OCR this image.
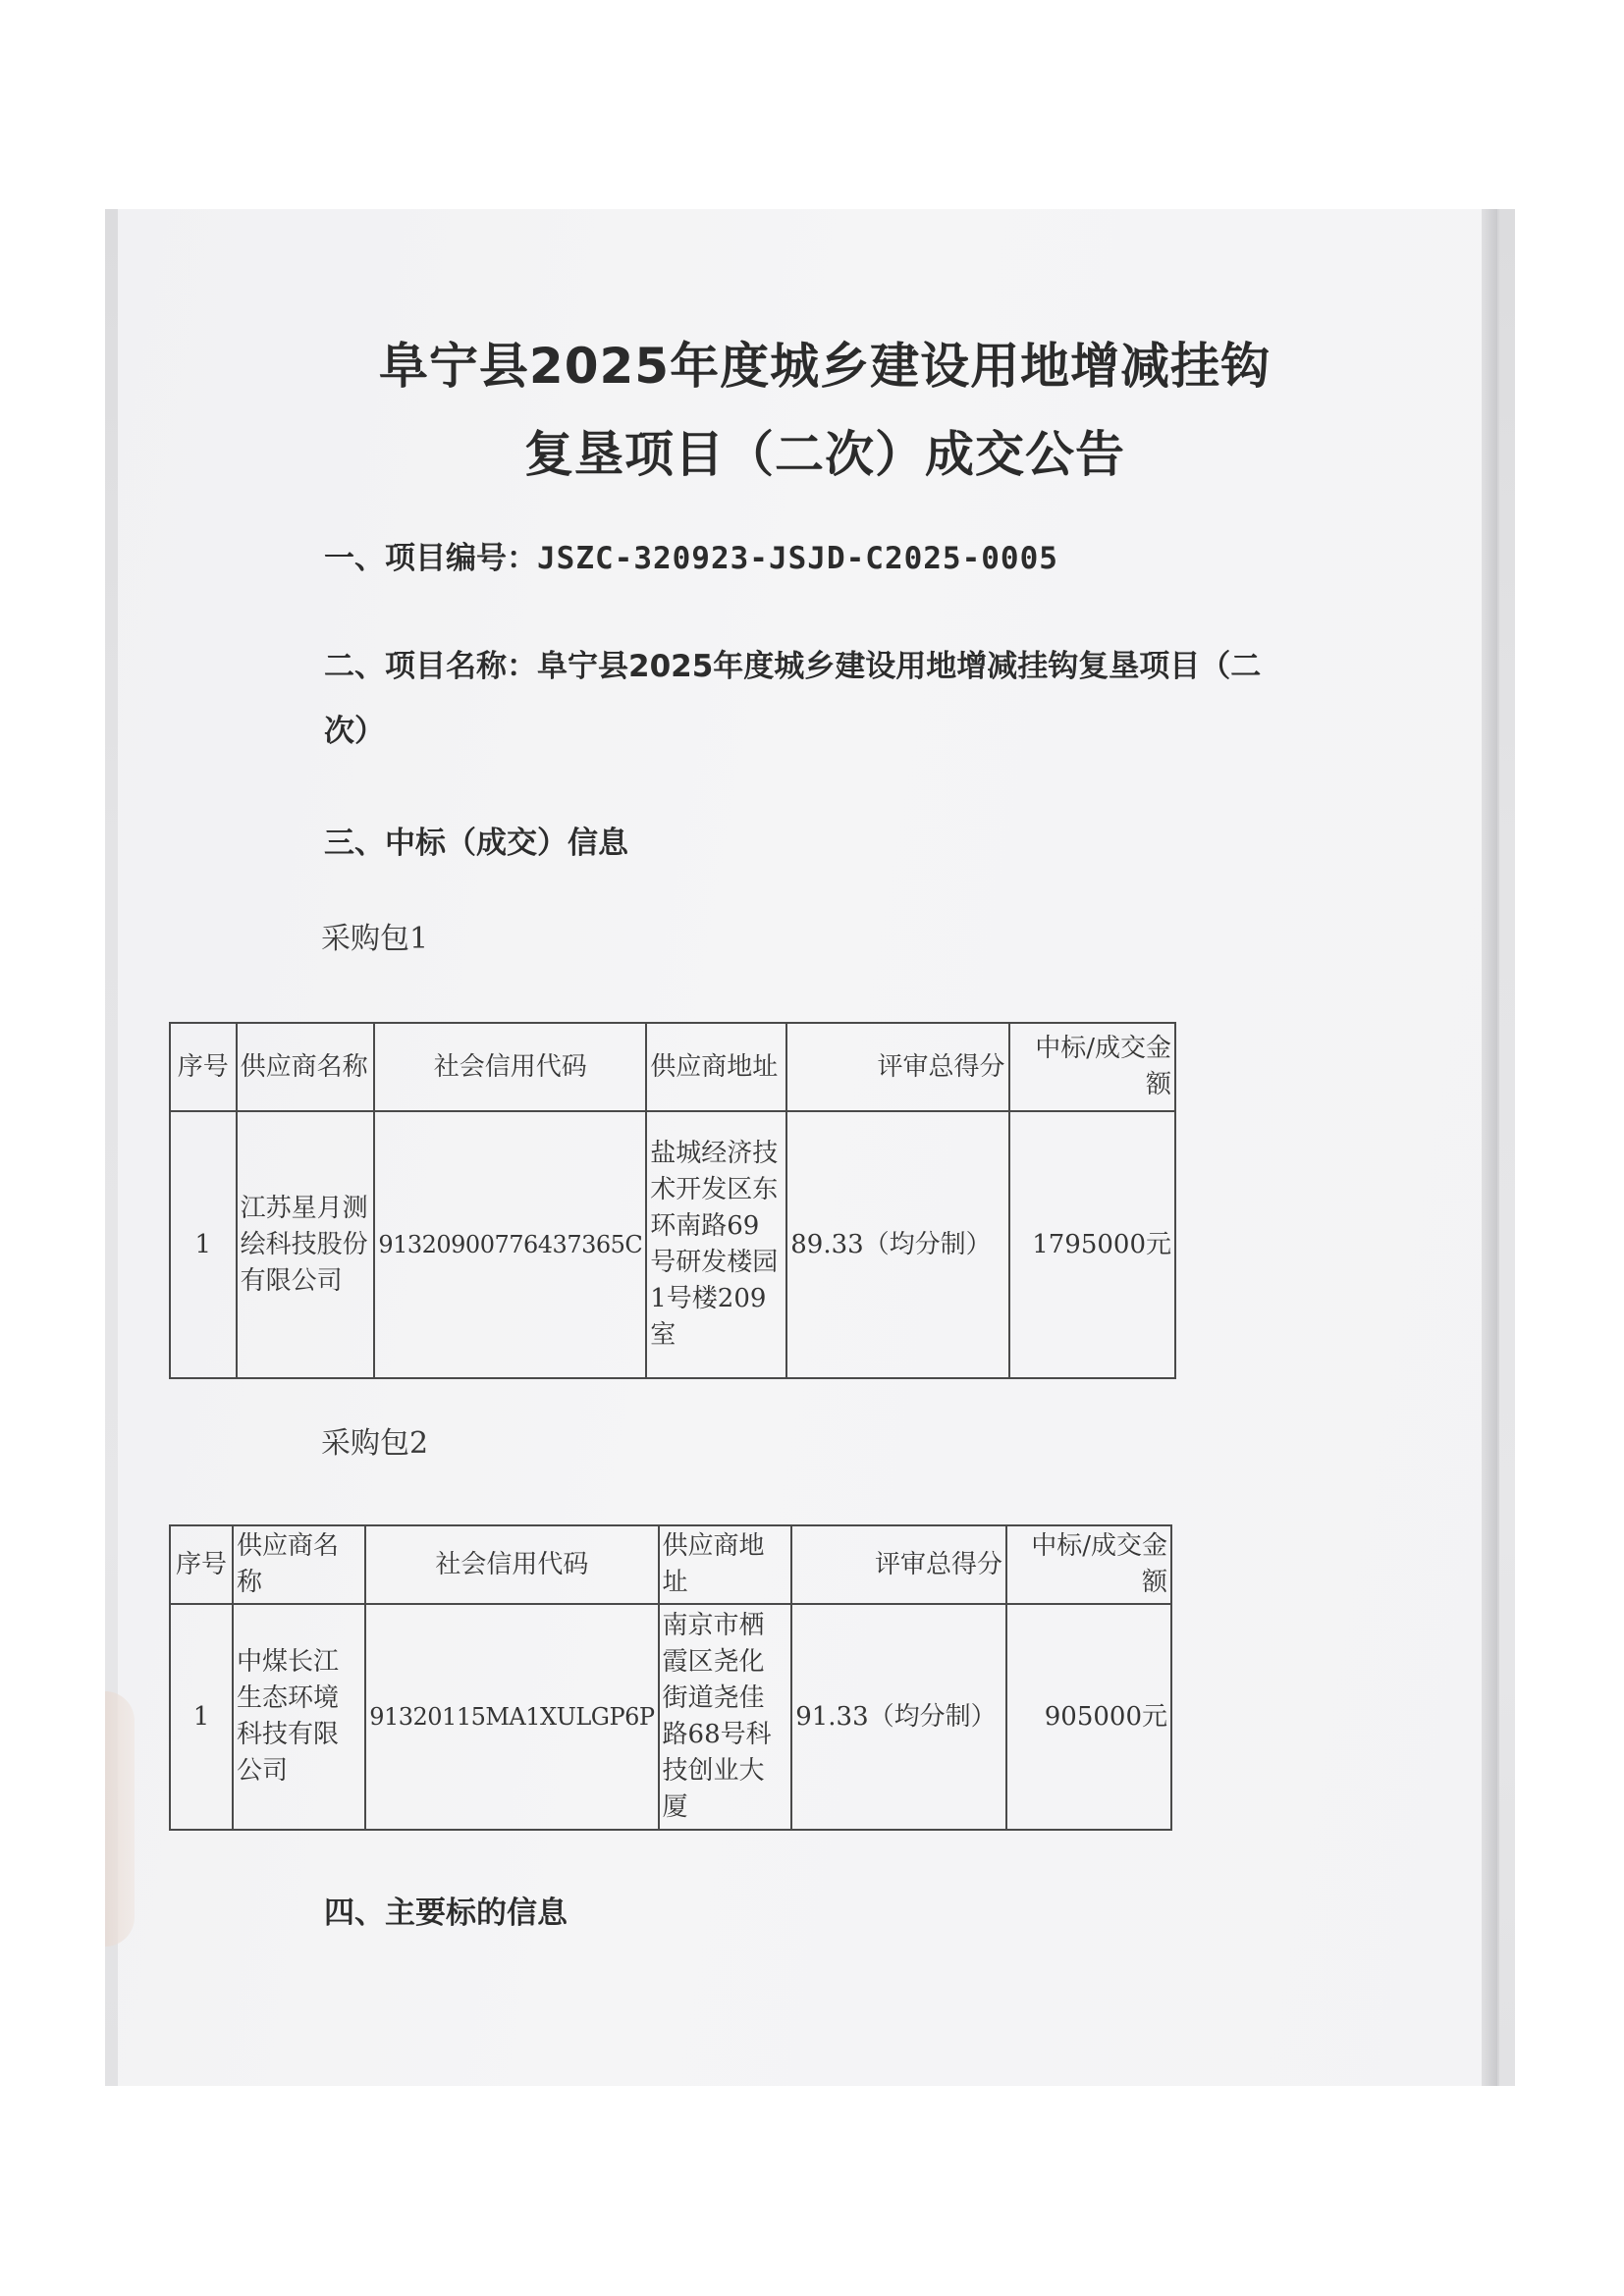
阜宁县2025年度城乡建设用地增减挂钩
复垦项目（二次）成交公告
一、项目编号：JSZC-320923-JSJD-C2025-0005
二、项目名称：阜宁县2025年度城乡建设用地增减挂钩复垦项目（二
次）
三、中标（成交）信息
采购包1
序号	供应商名称	社会信用代码	供应商地址	评审总得分	中标/成交金额
1	江苏星月测绘科技股份有限公司	91320900776437365C	盐城经济技术开发区东环南路69号研发楼园1号楼209室	89.33（均分制）	1795000元
采购包2
序号	供应商名称	社会信用代码	供应商地址	评审总得分	中标/成交金额
1	中煤长江生态环境科技有限公司	91320115MA1XULGP6P	南京市栖霞区尧化街道尧佳路68号科技创业大厦	91.33（均分制）	905000元
四、主要标的信息
